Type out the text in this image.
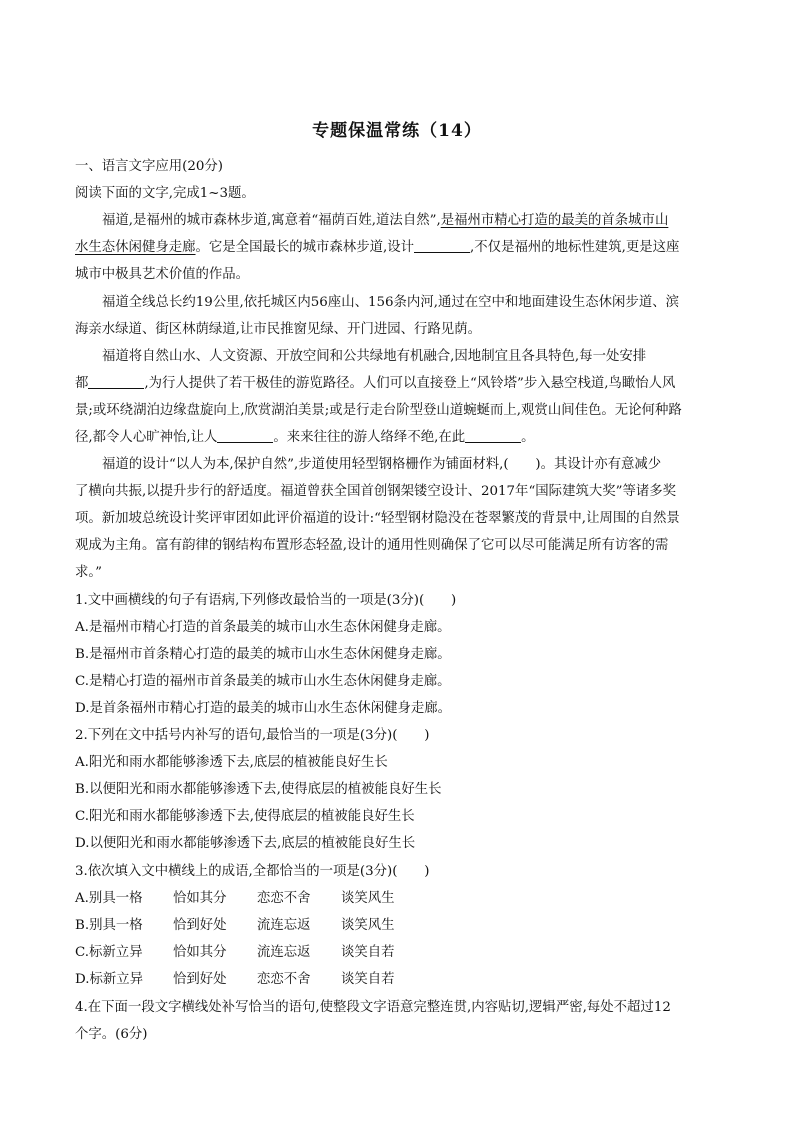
专题保温常练（14）
一、语言文字应用(20分)
阅读下面的文字,完成1~3题。
福道,是福州的城市森林步道,寓意着“福荫百姓,道法自然”,是福州市精心打造的最美的首条城市山
水生态休闲健身走廊。它是全国最长的城市森林步道,设计	,不仅是福州的地标性建筑,更是这座
城市中极具艺术价值的作品。
福道全线总长约19公里,依托城区内56座山、156条内河,通过在空中和地面建设生态休闲步道、滨
海亲水绿道、街区林荫绿道,让市民推窗见绿、开门进园、行路见荫。
福道将自然山水、人文资源、开放空间和公共绿地有机融合,因地制宜且各具特色,每一处安排
都	,为行人提供了若干极佳的游览路径。人们可以直接登上“风铃塔”步入悬空栈道,鸟瞰怡人风
景;或环绕湖泊边缘盘旋向上,欣赏湖泊美景;或是行走台阶型登山道蜿蜒而上,观赏山间佳色。无论何种路
径,都令人心旷神怡,让人	。来来往往的游人络绎不绝,在此	。
福道的设计“以人为本,保护自然”,步道使用轻型钢格栅作为铺面材料,(　　)。其设计亦有意减少
了横向共振,以提升步行的舒适度。福道曾获全国首创钢架镂空设计、2017年“国际建筑大奖”等诸多奖
项。新加坡总统设计奖评审团如此评价福道的设计:“轻型钢材隐没在苍翠繁茂的背景中,让周围的自然景
观成为主角。富有韵律的钢结构布置形态轻盈,设计的通用性则确保了它可以尽可能满足所有访客的需
求。”
1.文中画横线的句子有语病,下列修改最恰当的一项是(3分)(　　)
A.是福州市精心打造的首条最美的城市山水生态休闲健身走廊。
B.是福州市首条精心打造的最美的城市山水生态休闲健身走廊。
C.是精心打造的福州市首条最美的城市山水生态休闲健身走廊。
D.是首条福州市精心打造的最美的城市山水生态休闲健身走廊。
2.下列在文中括号内补写的语句,最恰当的一项是(3分)(　　)
A.阳光和雨水都能够渗透下去,底层的植被能良好生长
B.以便阳光和雨水都能够渗透下去,使得底层的植被能良好生长
C.阳光和雨水都能够渗透下去,使得底层的植被能良好生长
D.以便阳光和雨水都能够渗透下去,底层的植被能良好生长
3.依次填入文中横线上的成语,全都恰当的一项是(3分)(　　)
A.别具一格 恰如其分 恋恋不舍 谈笑风生
B.别具一格 恰到好处 流连忘返 谈笑风生
C.标新立异 恰如其分 流连忘返 谈笑自若
D.标新立异 恰到好处 恋恋不舍 谈笑自若
4.在下面一段文字横线处补写恰当的语句,使整段文字语意完整连贯,内容贴切,逻辑严密,每处不超过12
个字。(6分)
